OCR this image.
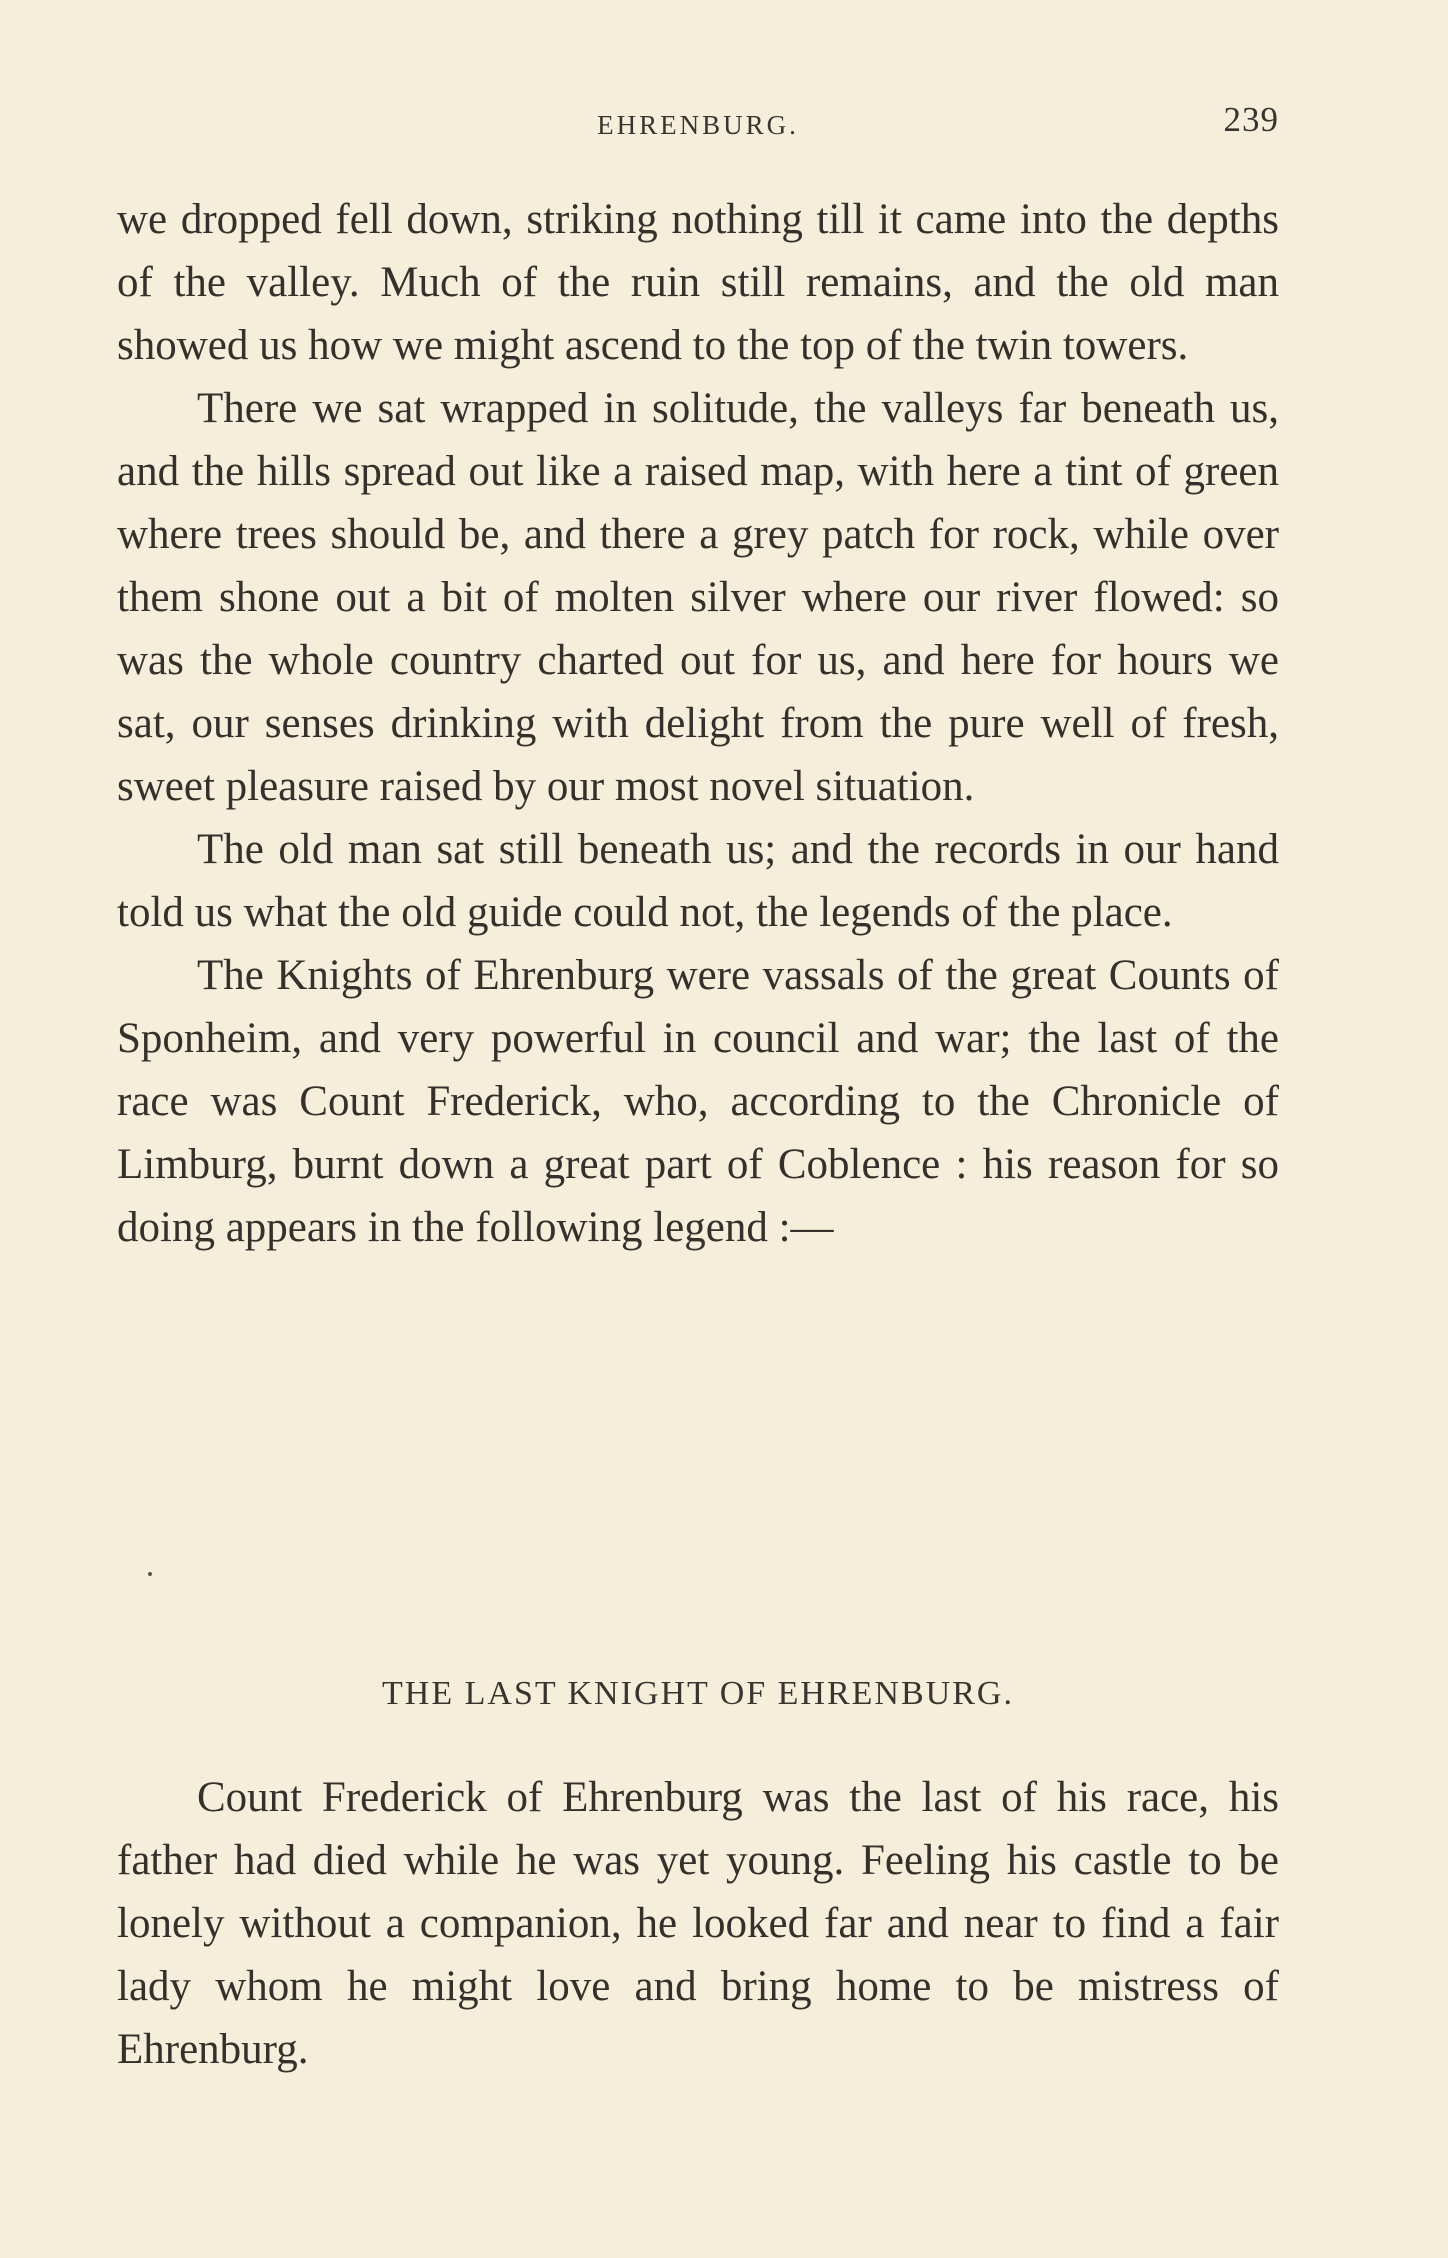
EHRENBURG.	239

we dropped fell down, striking nothing till it came into the depths of the valley. Much of the ruin still remains, and the old man showed us how we might ascend to the top of the twin towers.

There we sat wrapped in solitude, the valleys far beneath us, and the hills spread out like a raised map, with here a tint of green where trees should be, and there a grey patch for rock, while over them shone out a bit of molten silver where our river flowed: so was the whole country charted out for us, and here for hours we sat, our senses drinking with delight from the pure well of fresh, sweet pleasure raised by our most novel situation.

The old man sat still beneath us; and the records in our hand told us what the old guide could not, the legends of the place.

The Knights of Ehrenburg were vassals of the great Counts of Sponheim, and very powerful in council and war; the last of the race was Count Frederick, who, according to the Chronicle of Limburg, burnt down a great part of Coblence : his reason for so doing appears in the following legend :—

THE LAST KNIGHT OF EHRENBURG.

Count Frederick of Ehrenburg was the last of his race, his father had died while he was yet young. Feeling his castle to be lonely without a companion, he looked far and near to find a fair lady whom he might love and bring home to be mistress of Ehrenburg.
